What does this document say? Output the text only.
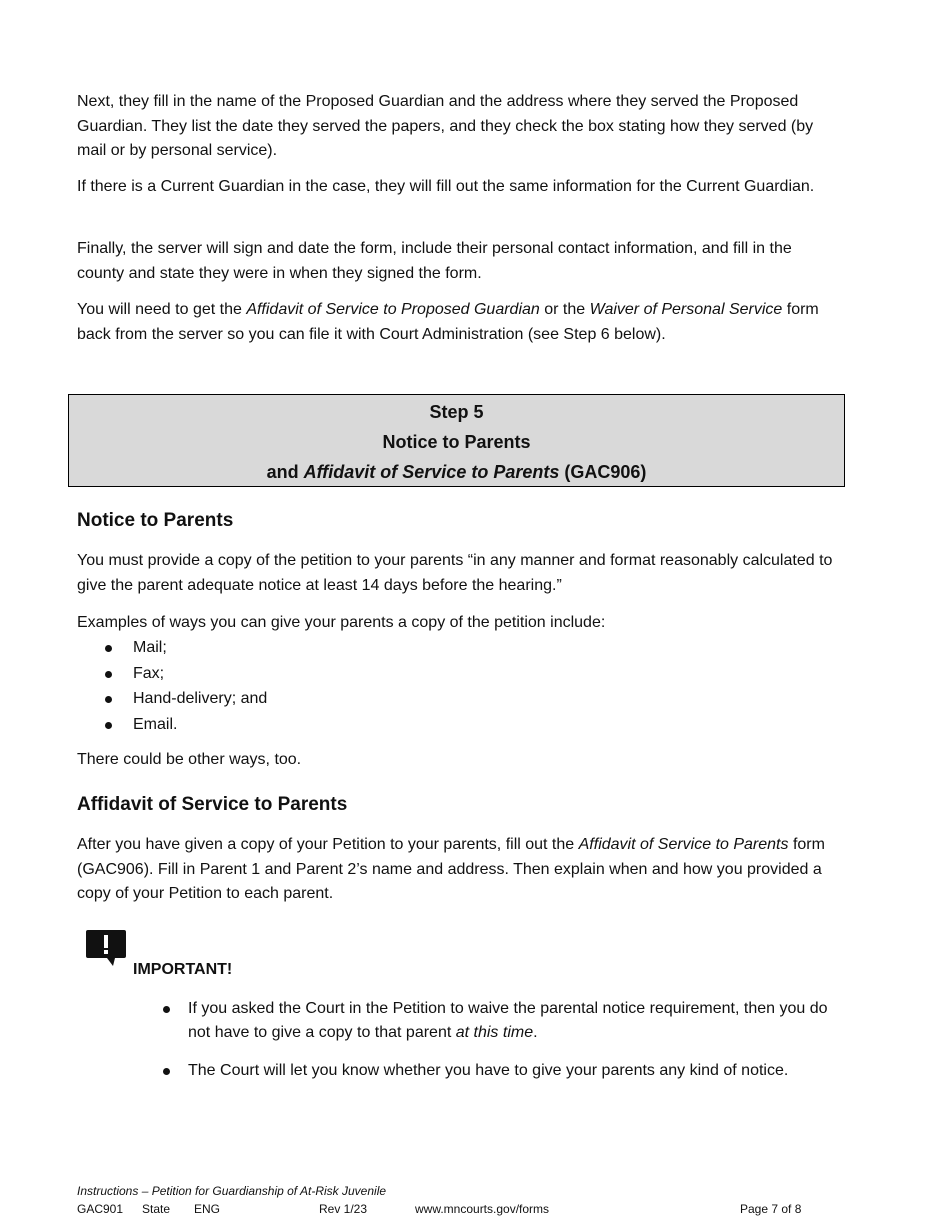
Next, they fill in the name of the Proposed Guardian and the address where they served the Proposed Guardian. They list the date they served the papers, and they check the box stating how they served (by mail or by personal service).

If there is a Current Guardian in the case, they will fill out the same information for the Current Guardian.

Finally, the server will sign and date the form, include their personal contact information, and fill in the county and state they were in when they signed the form.

You will need to get the Affidavit of Service to Proposed Guardian or the Waiver of Personal Service form back from the server so you can file it with Court Administration (see Step 6 below).

Step 5
Notice to Parents
and Affidavit of Service to Parents (GAC906)
Notice to Parents

You must provide a copy of the petition to your parents “in any manner and format reasonably calculated to give the parent adequate notice at least 14 days before the hearing.”

Examples of ways you can give your parents a copy of the petition include:

Mail;
Fax;
Hand-delivery; and
Email.

There could be other ways, too.

Affidavit of Service to Parents

After you have given a copy of your Petition to your parents, fill out the Affidavit of Service to Parents form (GAC906). Fill in Parent 1 and Parent 2’s name and address. Then explain when and how you provided a copy of your Petition to each parent.

IMPORTANT!
If you asked the Court in the Petition to waive the parental notice requirement, then you do not have to give a copy to that parent at this time.
The Court will let you know whether you have to give your parents any kind of notice.
Instructions – Petition for Guardianship of At-Risk Juvenile
GAC901 State ENG	Rev 1/23	www.mncourts.gov/forms	Page 7 of 8
